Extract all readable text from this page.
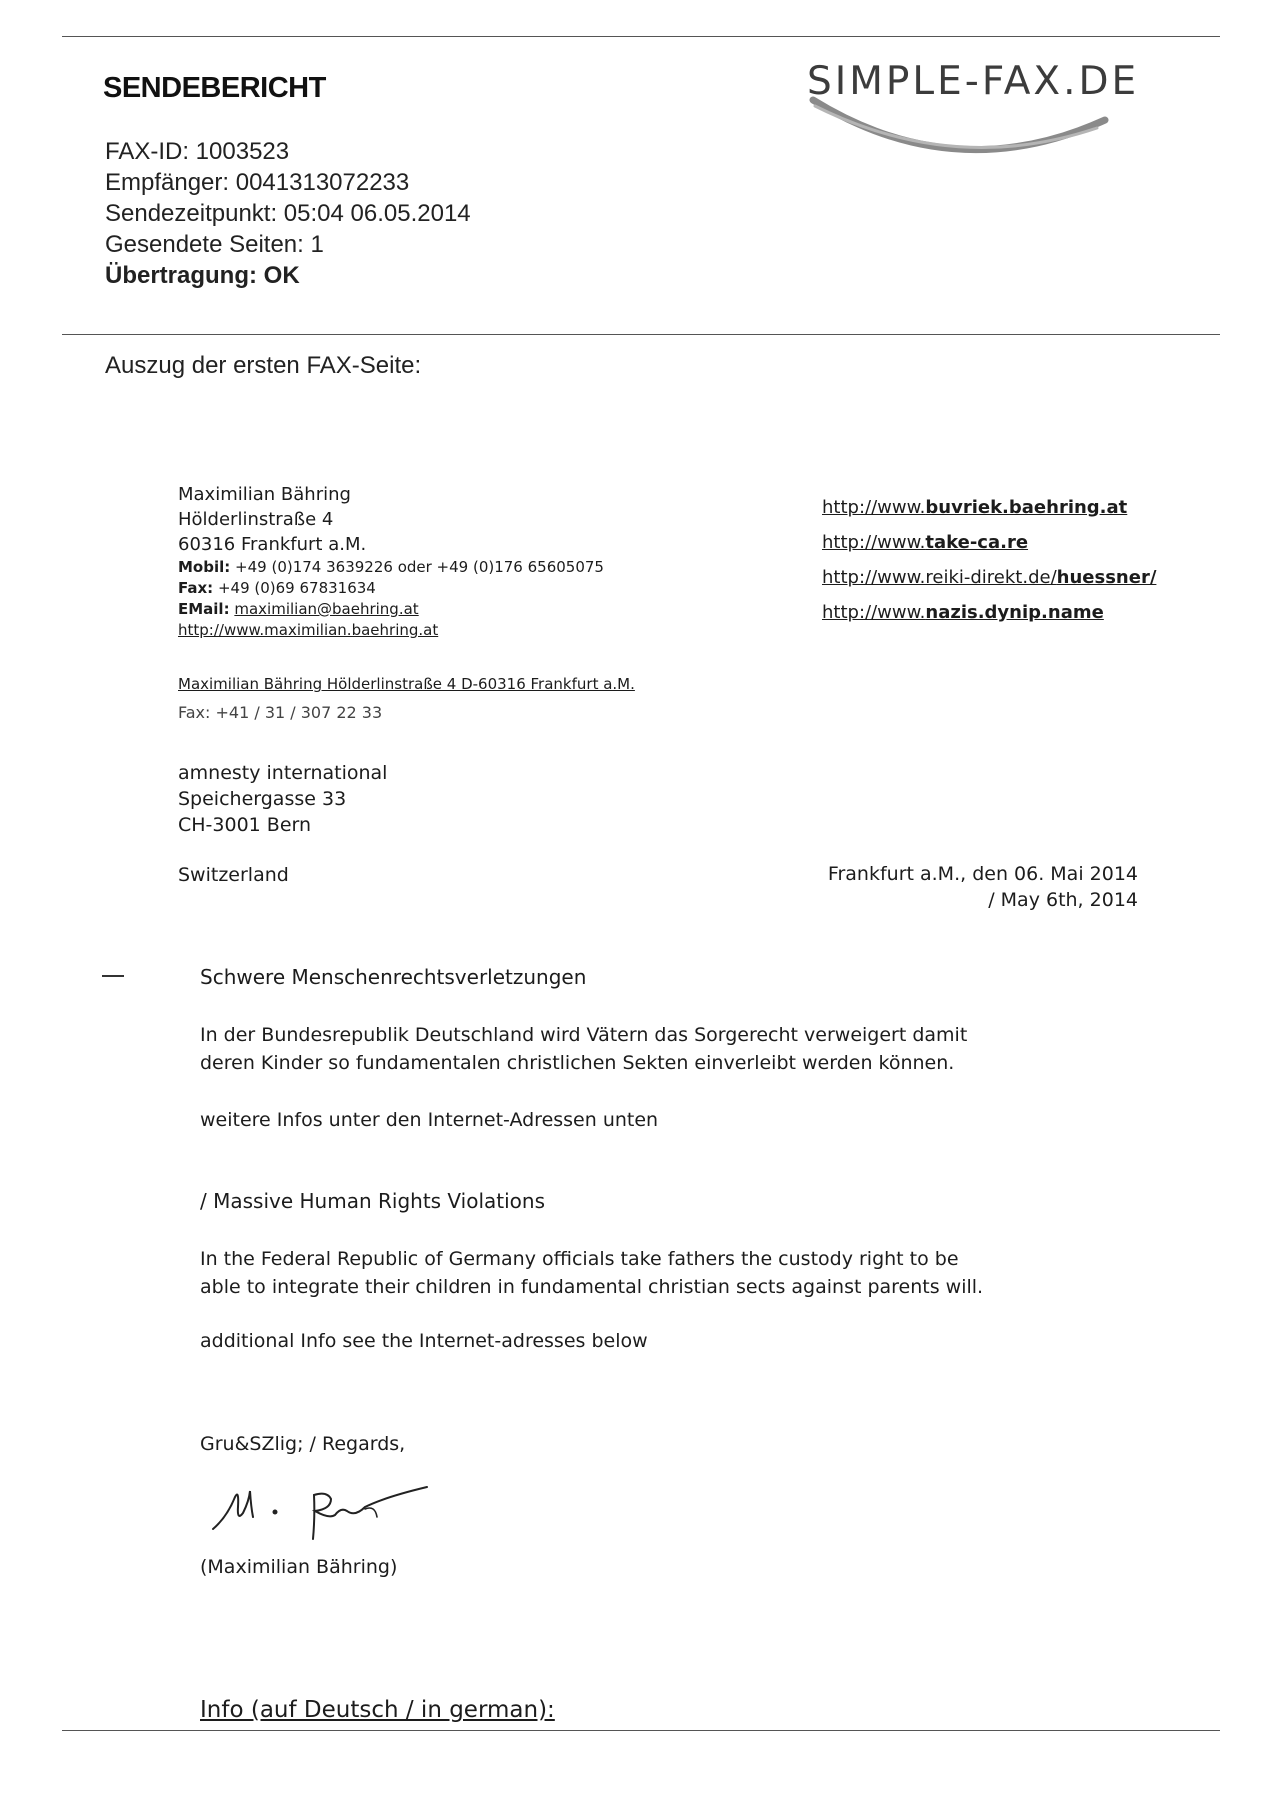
SENDEBERICHT	SIMPLE-FAX.DE
FAX-ID: 1003523
Empfänger: 0041313072233
Sendezeitpunkt: 05:04 06.05.2014
Gesendete Seiten: 1
Übertragung: OK
Auszug der ersten FAX-Seite:
Maximilian Bähring
Hölderlinstraße 4
60316 Frankfurt a.M.
Mobil: +49 (0)174 3639226 oder +49 (0)176 65605075
Fax: +49 (0)69 67831634
EMail: maximilian@baehring.at
http://www.maximilian.baehring.at
http://www.buvriek.baehring.at
http://www.take-ca.re
http://www.reiki-direkt.de/huessner/
http://www.nazis.dynip.name
Maximilian Bähring Hölderlinstraße 4 D-60316 Frankfurt a.M.
Fax: +41 / 31 / 307 22 33
amnesty international
Speichergasse 33
CH-3001 Bern
Switzerland	Frankfurt a.M., den 06. Mai 2014
/ May 6th, 2014
Schwere Menschenrechtsverletzungen
In der Bundesrepublik Deutschland wird Vätern das Sorgerecht verweigert damit
deren Kinder so fundamentalen christlichen Sekten einverleibt werden können.
weitere Infos unter den Internet-Adressen unten
/ Massive Human Rights Violations
In the Federal Republic of Germany officials take fathers the custody right to be
able to integrate their children in fundamental christian sects against parents will.
additional Info see the Internet-adresses below
Gru&SZlig; / Regards,
(Maximilian Bähring)
Info (auf Deutsch / in german):
